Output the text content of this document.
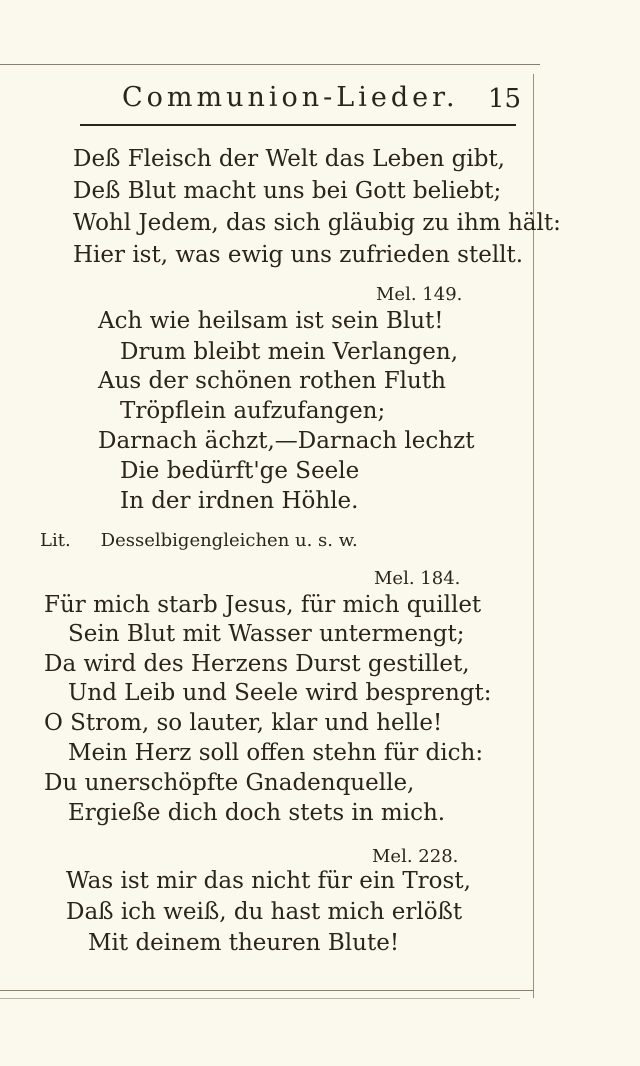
Communion-Lieder. 15
Deß Fleisch der Welt das Leben gibt,
Deß Blut macht uns bei Gott beliebt;
Wohl Jedem, das sich gläubig zu ihm hält:
Hier ist, was ewig uns zufrieden stellt.
Mel. 149.
Ach wie heilsam ist sein Blut!
Drum bleibt mein Verlangen,
Aus der schönen rothen Fluth
Tröpflein aufzufangen;
Darnach ächzt,—Darnach lechzt
Die bedürft'ge Seele
In der irdnen Höhle.
Lit. Desselbigengleichen u. s. w.
Mel. 184.
Für mich starb Jesus, für mich quillet
Sein Blut mit Wasser untermengt;
Da wird des Herzens Durst gestillet,
Und Leib und Seele wird besprengt:
O Strom, so lauter, klar und helle!
Mein Herz soll offen stehn für dich:
Du unerschöpfte Gnadenquelle,
Ergieße dich doch stets in mich.
Mel. 228.
Was ist mir das nicht für ein Trost,
Daß ich weiß, du hast mich erlößt
Mit deinem theuren Blute!
